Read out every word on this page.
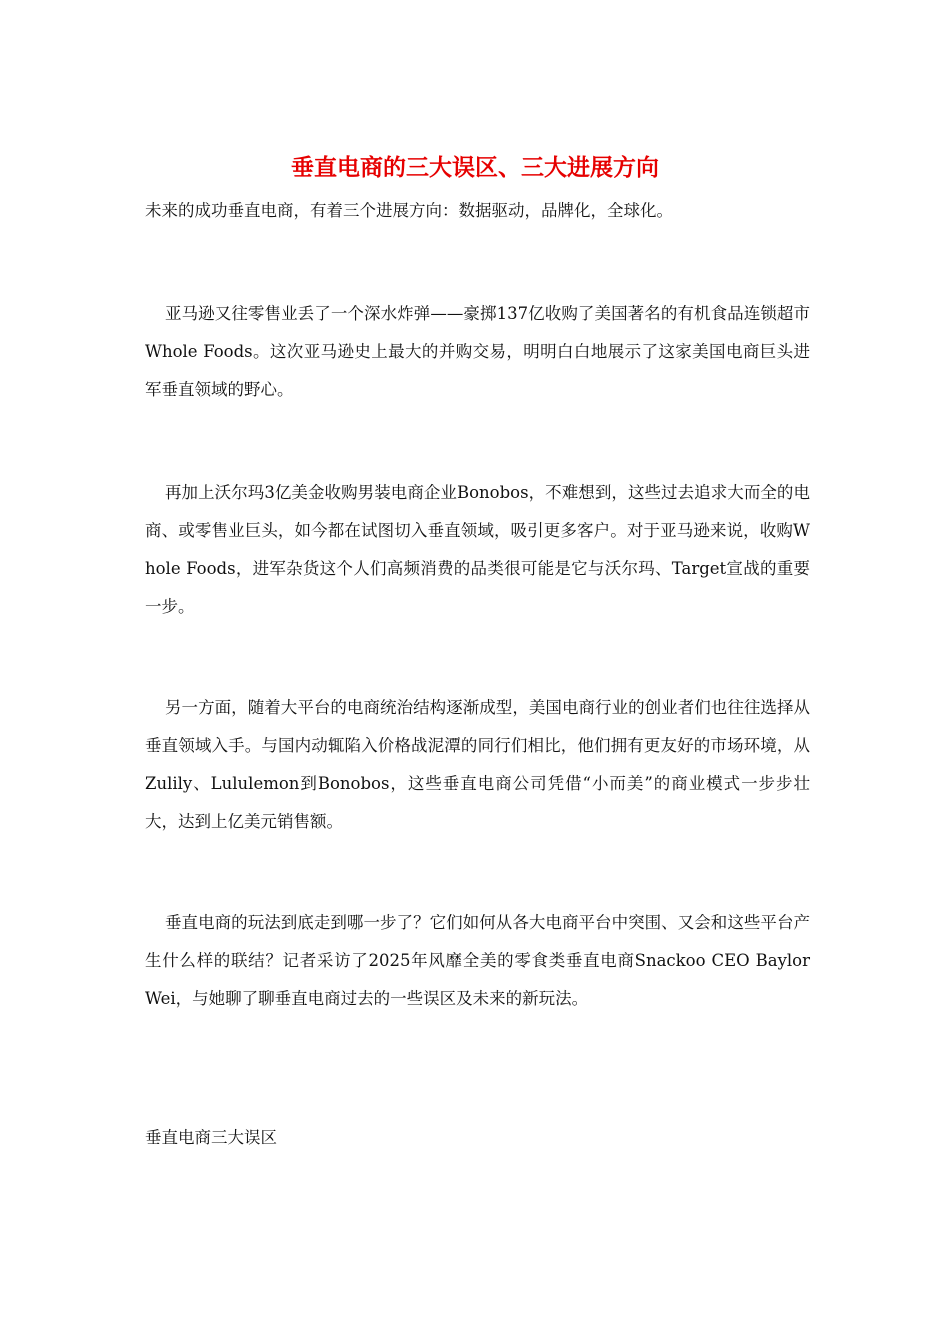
垂直电商的三大误区、三大进展方向
未来的成功垂直电商，有着三个进展方向：数据驱动，品牌化，全球化。
亚马逊又往零售业丢了一个深水炸弹——豪掷137亿收购了美国著名的有机食品连锁超市Whole Foods。这次亚马逊史上最大的并购交易，明明白白地展示了这家美国电商巨头进军垂直领域的野心。
再加上沃尔玛3亿美金收购男装电商企业Bonobos，不难想到，这些过去追求大而全的电商、或零售业巨头，如今都在试图切入垂直领域，吸引更多客户。对于亚马逊来说，收购Whole Foods，进军杂货这个人们高频消费的品类很可能是它与沃尔玛、Target宣战的重要一步。
另一方面，随着大平台的电商统治结构逐渐成型，美国电商行业的创业者们也往往选择从垂直领域入手。与国内动辄陷入价格战泥潭的同行们相比，他们拥有更友好的市场环境，从Zulily、Lululemon到Bonobos，这些垂直电商公司凭借“小而美”的商业模式一步步壮大，达到上亿美元销售额。
垂直电商的玩法到底走到哪一步了？它们如何从各大电商平台中突围、又会和这些平台产生什么样的联结？记者采访了2025年风靡全美的零食类垂直电商Snackoo CEO Baylor Wei，与她聊了聊垂直电商过去的一些误区及未来的新玩法。
垂直电商三大误区
